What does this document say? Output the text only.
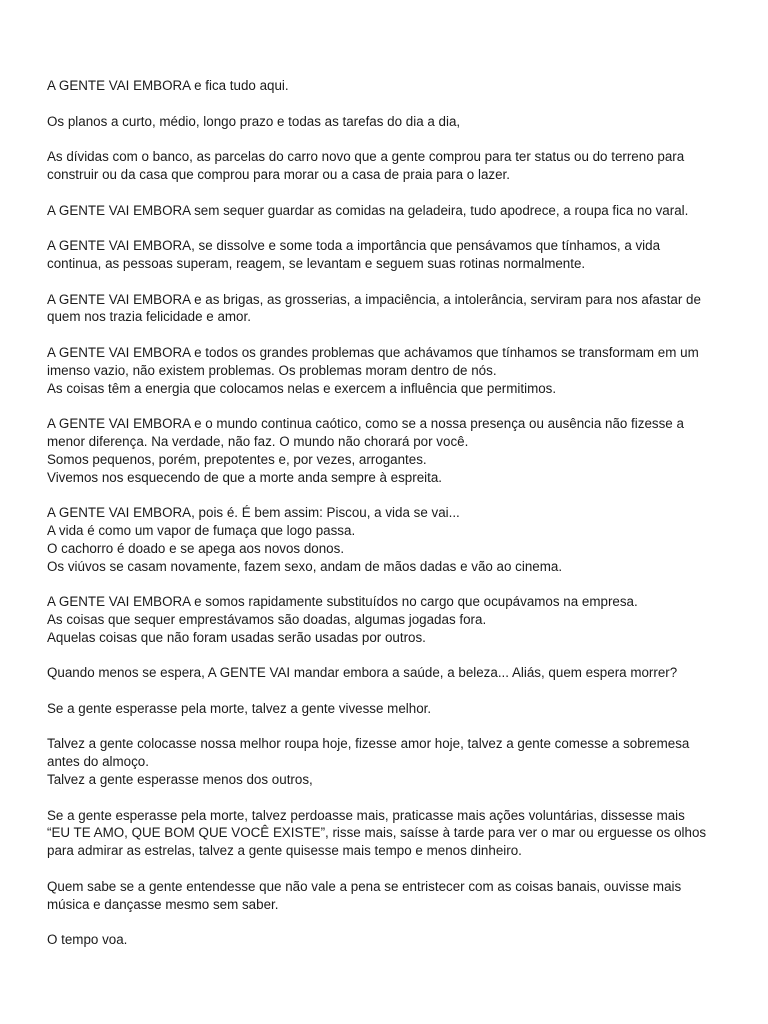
A GENTE VAI EMBORA e fica tudo aqui.

Os planos a curto, médio, longo prazo e todas as tarefas do dia a dia,

As dívidas com o banco, as parcelas do carro novo que a gente comprou para ter status ou do terreno para
construir ou da casa que comprou para morar ou a casa de praia para o lazer.

A GENTE VAI EMBORA sem sequer guardar as comidas na geladeira, tudo apodrece, a roupa fica no varal.

A GENTE VAI EMBORA, se dissolve e some toda a importância que pensávamos que tínhamos, a vida
continua, as pessoas superam, reagem, se levantam e seguem suas rotinas normalmente.

A GENTE VAI EMBORA e as brigas, as grosserias, a impaciência, a intolerância, serviram para nos afastar de
quem nos trazia felicidade e amor.

A GENTE VAI EMBORA e todos os grandes problemas que achávamos que tínhamos se transformam em um
imenso vazio, não existem problemas. Os problemas moram dentro de nós.
As coisas têm a energia que colocamos nelas e exercem a influência que permitimos.

A GENTE VAI EMBORA e o mundo continua caótico, como se a nossa presença ou ausência não fizesse a
menor diferença. Na verdade, não faz. O mundo não chorará por você.
Somos pequenos, porém, prepotentes e, por vezes, arrogantes.
Vivemos nos esquecendo de que a morte anda sempre à espreita.

A GENTE VAI EMBORA, pois é. É bem assim: Piscou, a vida se vai...
A vida é como um vapor de fumaça que logo passa.
O cachorro é doado e se apega aos novos donos.
Os viúvos se casam novamente, fazem sexo, andam de mãos dadas e vão ao cinema.

A GENTE VAI EMBORA e somos rapidamente substituídos no cargo que ocupávamos na empresa.
As coisas que sequer emprestávamos são doadas, algumas jogadas fora.
Aquelas coisas que não foram usadas serão usadas por outros.

Quando menos se espera, A GENTE VAI mandar embora a saúde, a beleza... Aliás, quem espera morrer?

Se a gente esperasse pela morte, talvez a gente vivesse melhor.

Talvez a gente colocasse nossa melhor roupa hoje, fizesse amor hoje, talvez a gente comesse a sobremesa
antes do almoço.
Talvez a gente esperasse menos dos outros,

Se a gente esperasse pela morte, talvez perdoasse mais, praticasse mais ações voluntárias, dissesse mais
“EU TE AMO, QUE BOM QUE VOCÊ EXISTE”, risse mais, saísse à tarde para ver o mar ou erguesse os olhos
para admirar as estrelas, talvez a gente quisesse mais tempo e menos dinheiro.

Quem sabe se a gente entendesse que não vale a pena se entristecer com as coisas banais, ouvisse mais
música e dançasse mesmo sem saber.

O tempo voa.
